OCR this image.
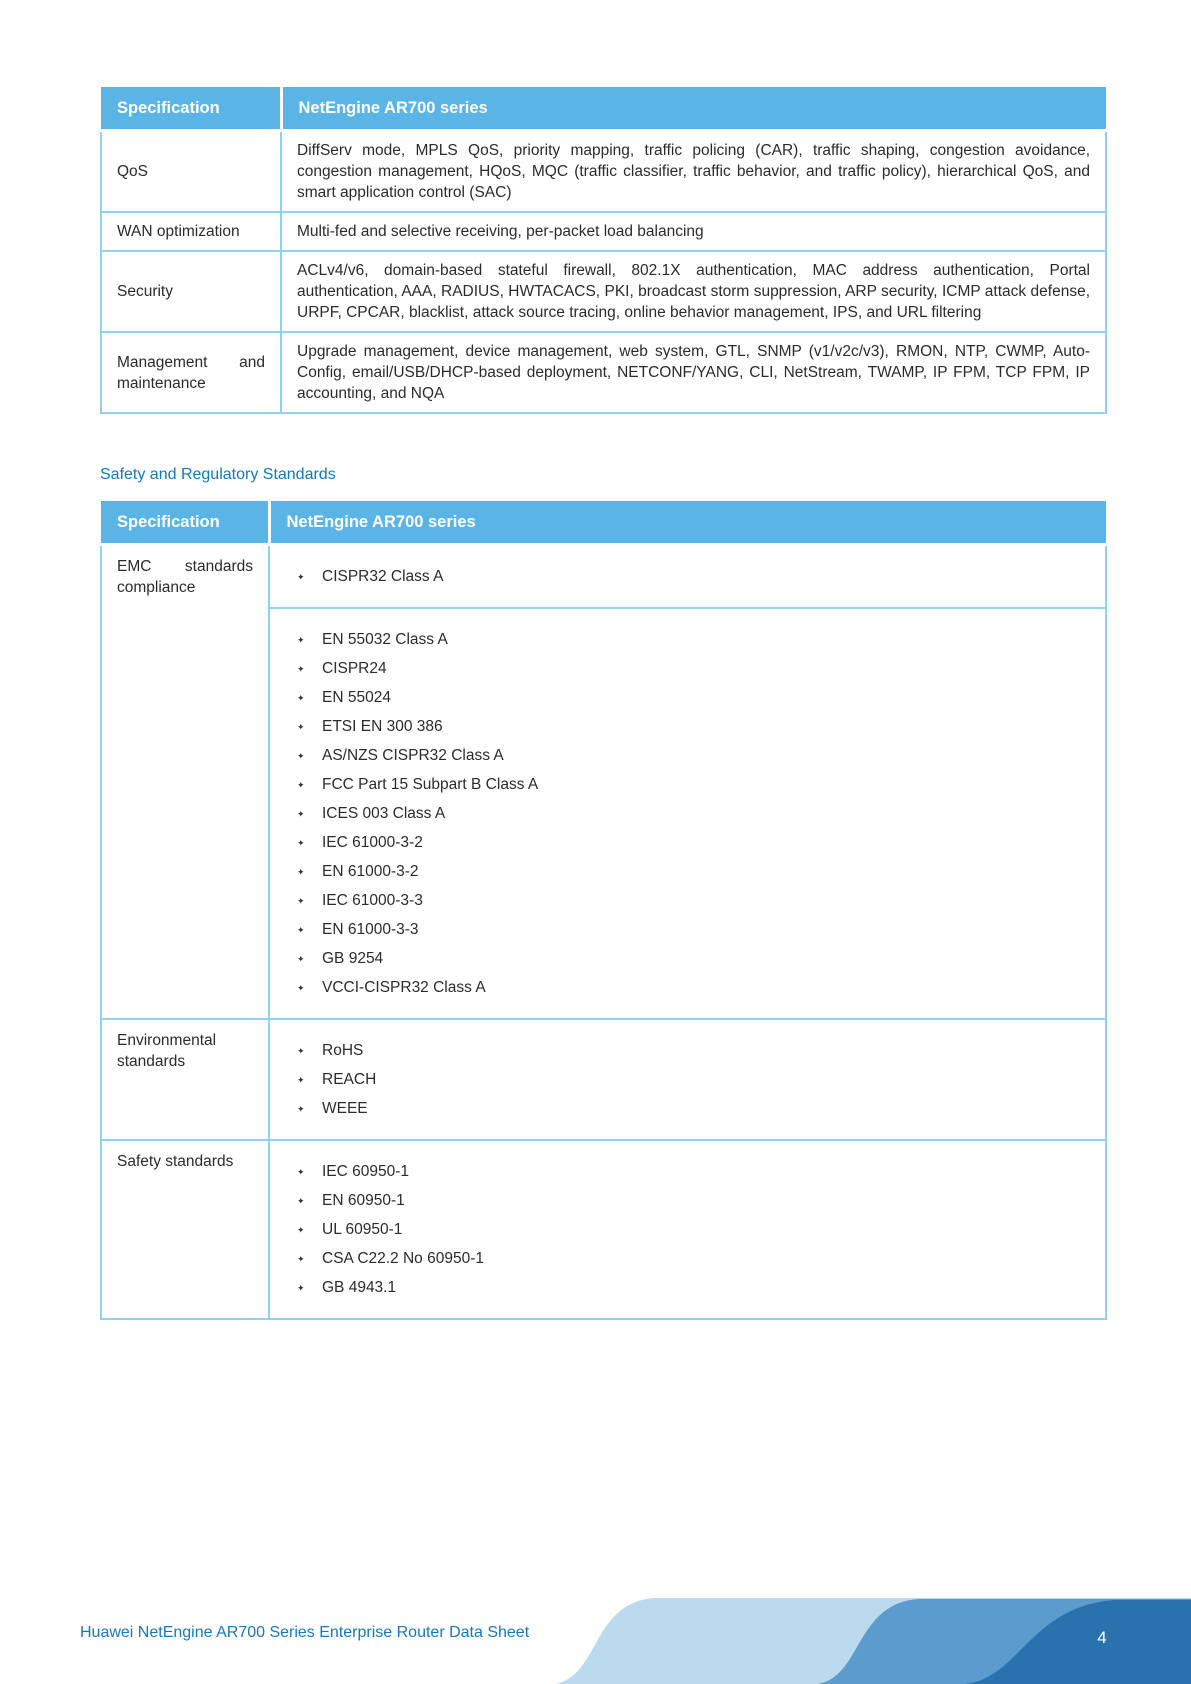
Specification	NetEngine AR700 series
QoS	DiffServ mode, MPLS QoS, priority mapping, traffic policing (CAR), traffic shaping, congestion avoidance, congestion management, HQoS, MQC (traffic classifier, traffic behavior, and traffic policy), hierarchical QoS, and smart application control (SAC)
WAN optimization	Multi-fed and selective receiving, per-packet load balancing
Security	ACLv4/v6, domain-based stateful firewall, 802.1X authentication, MAC address authentication, Portal authentication, AAA, RADIUS, HWTACACS, PKI, broadcast storm suppression, ARP security, ICMP attack defense, URPF, CPCAR, blacklist, attack source tracing, online behavior management, IPS, and URL filtering
Management and maintenance	Upgrade management, device management, web system, GTL, SNMP (v1/v2c/v3), RMON, NTP, CWMP, Auto-Config, email/USB/DHCP-based deployment, NETCONF/YANG, CLI, NetStream, TWAMP, IP FPM, TCP FPM, IP accounting, and NQA
Safety and Regulatory Standards
Specification	NetEngine AR700 series
EMC standards compliance	
✦ CISPR32 Class A

✦ EN 55032 Class A
✦ CISPR24
✦ EN 55024
✦ ETSI EN 300 386
✦ AS/NZS CISPR32 Class A
✦ FCC Part 15 Subpart B Class A
✦ ICES 003 Class A
✦ IEC 61000-3-2
✦ EN 61000-3-2
✦ IEC 61000-3-3
✦ EN 61000-3-3
✦ GB 9254
✦ VCCI-CISPR32 Class A

Environmental standards	
✦ RoHS
✦ REACH
✦ WEEE

Safety standards	
✦ IEC 60950-1
✦ EN 60950-1
✦ UL 60950-1
✦ CSA C22.2 No 60950-1
✦ GB 4943.1
Huawei NetEngine AR700 Series Enterprise Router Data Sheet	4
